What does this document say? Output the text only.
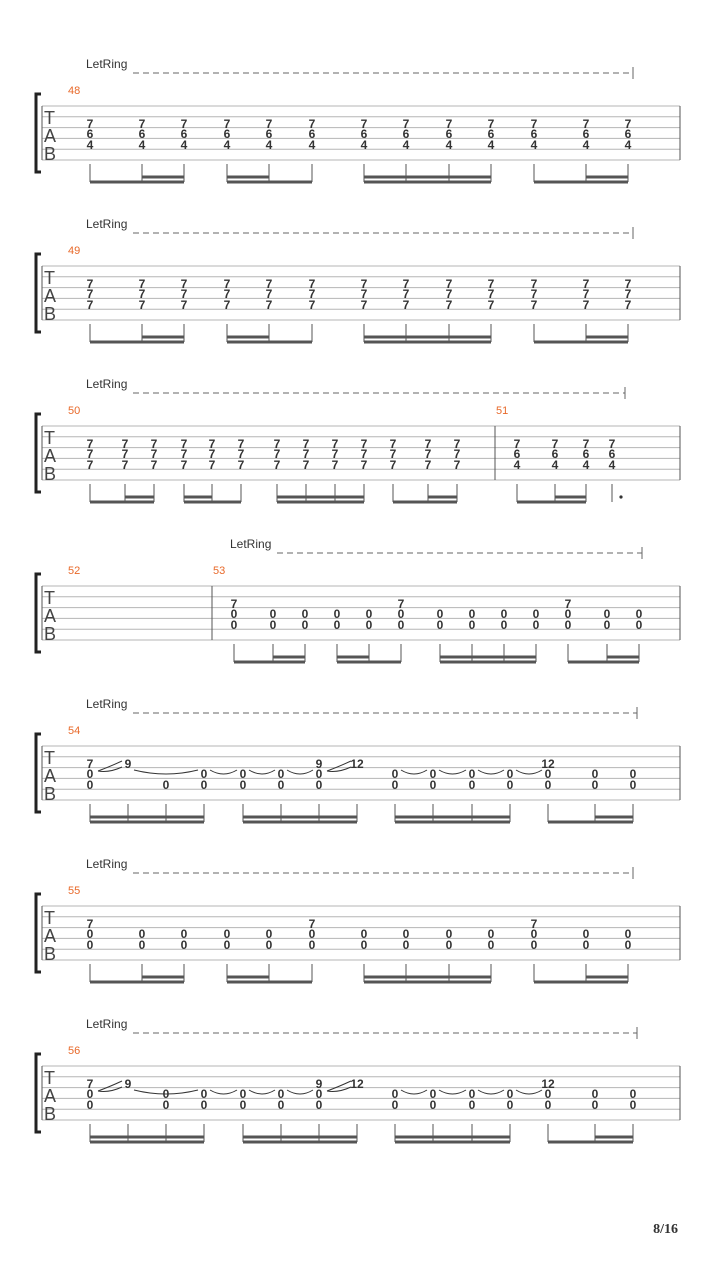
LetRing
T
A
B
48
7
6
4
7
6
4
7
6
4
7
6
4
7
6
4
7
6
4
7
6
4
7
6
4
7
6
4
7
6
4
7
6
4
7
6
4
7
6
4
LetRing
T
A
B
49
7
7
7
7
7
7
7
7
7
7
7
7
7
7
7
7
7
7
7
7
7
7
7
7
7
7
7
7
7
7
7
7
7
7
7
7
7
7
7
LetRing
T
A
B
50
7
7
7
7
7
7
7
7
7
7
7
7
7
7
7
7
7
7
7
7
7
7
7
7
7
7
7
7
7
7
7
7
7
7
7
7
7
7
7
51
7
6
4
7
6
4
7
6
4
7
6
4
LetRing
T
A
B
52	53
7
0
0
0
0
0
0
0
0
0
0
7
0
0
0
0
0
0
0
0
0
0
7
0
0
0
0
0
0
LetRing
T
A
B
54
7
0
0
9
0
0
0
0
0
0
0
9
0
0
12
0
0
0
0
0
0
0
0
12
0
0
0
0
0
0
LetRing
T
A
B
55
7
0
0
0
0
0
0
0
0
0
0
7
0
0
0
0
0
0
0
0
0
0
7
0
0
0
0
0
0
LetRing
T
A
B
56
7
0
0
9
0
0
0
0
0
0
0
0
9
0
0
12
0
0
0
0
0
0
0
0
12
0
0
0
0
0
0
8/16
